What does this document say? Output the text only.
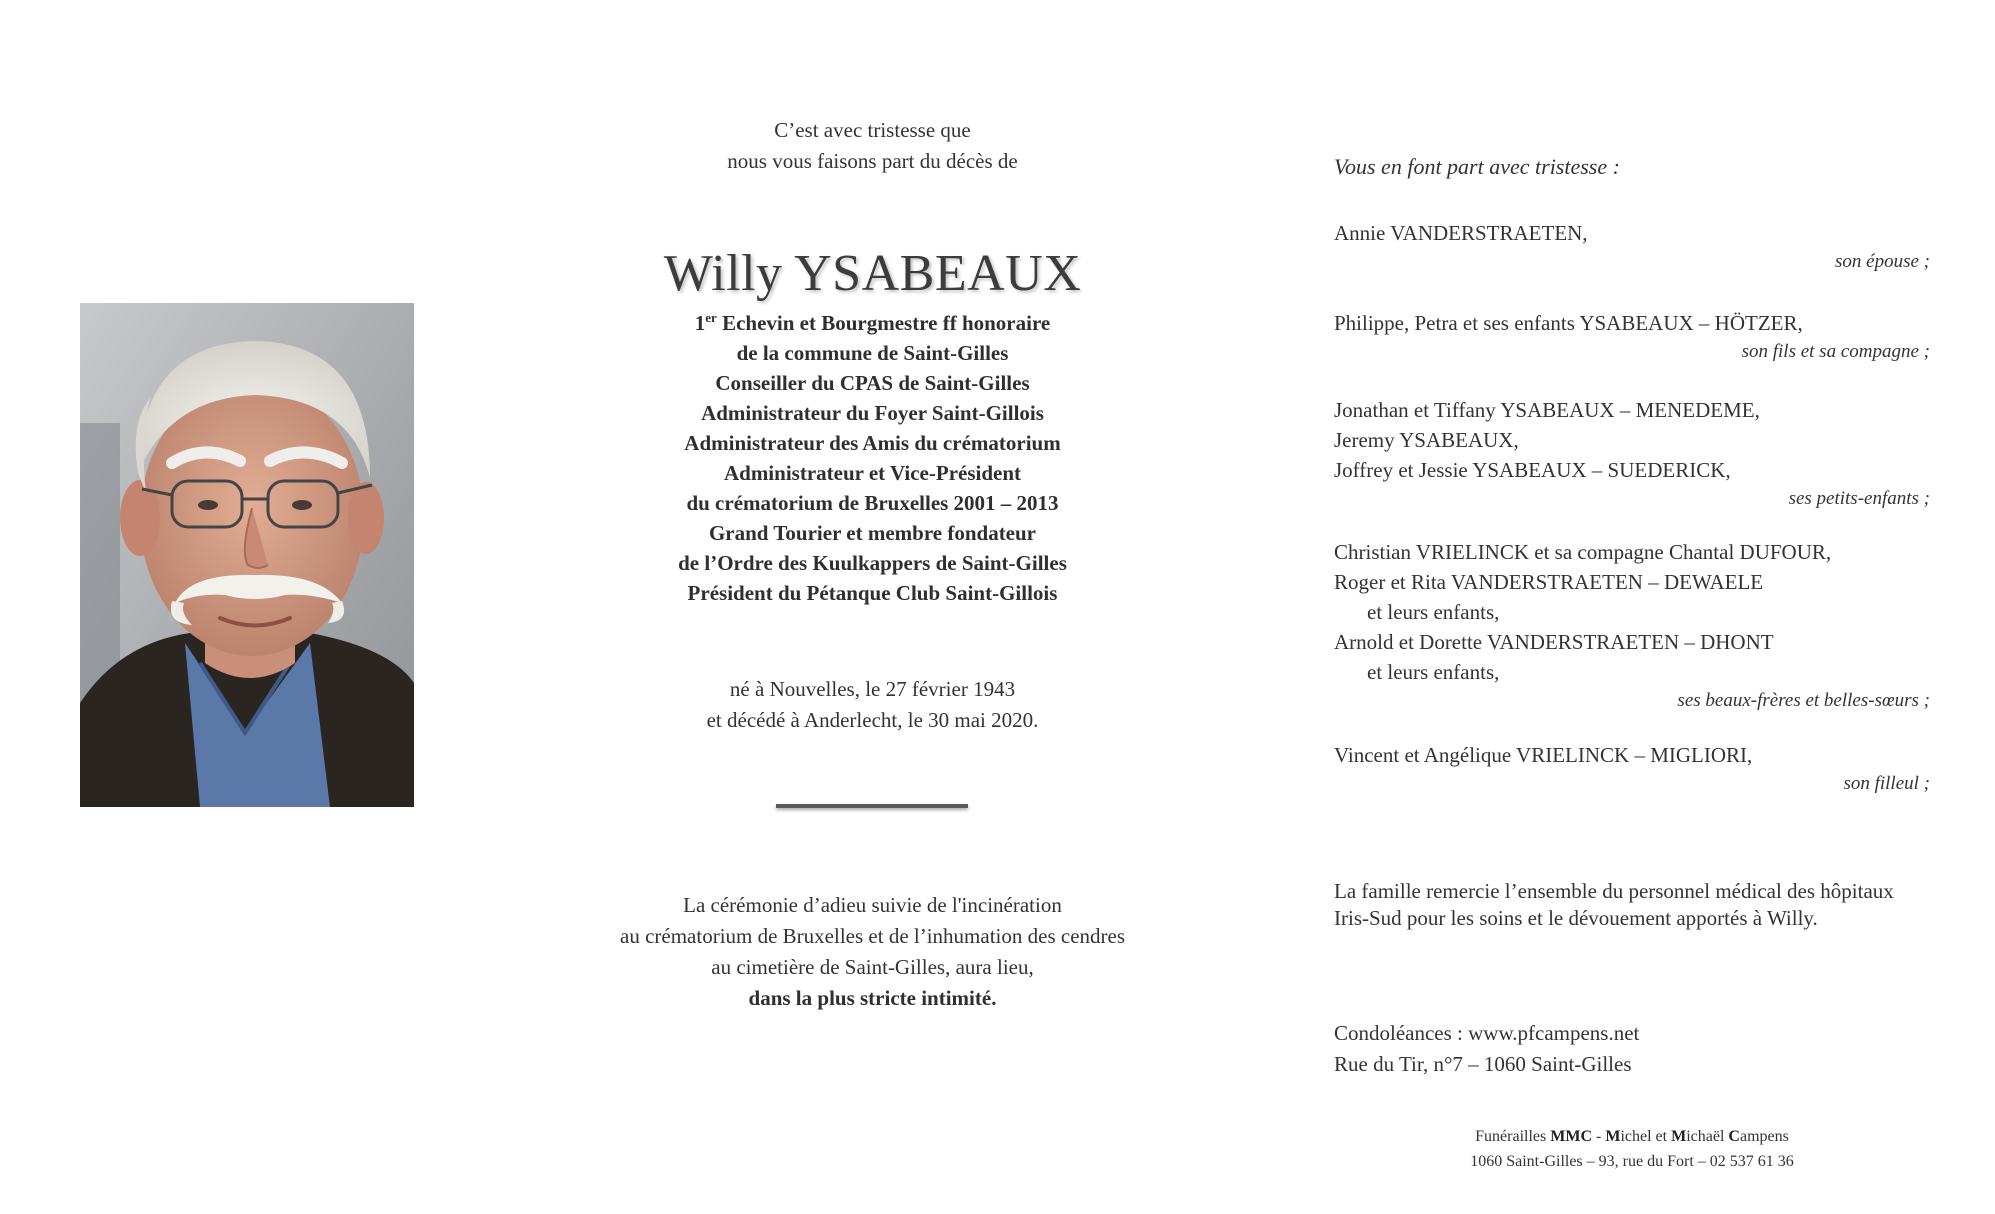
C’est avec tristesse que
nous vous faisons part du décès de
Willy YSABEAUX
1er Echevin et Bourgmestre ff honoraire
de la commune de Saint-Gilles
Conseiller du CPAS de Saint-Gilles
Administrateur du Foyer Saint-Gillois
Administrateur des Amis du crématorium
Administrateur et Vice-Président
du crématorium de Bruxelles 2001 – 2013
Grand Tourier et membre fondateur
de l’Ordre des Kuulkappers de Saint-Gilles
Président du Pétanque Club Saint-Gillois
né à Nouvelles, le 27 février 1943
et décédé à Anderlecht, le 30 mai 2020.
La cérémonie d’adieu suivie de l'incinération
au crématorium de Bruxelles et de l’inhumation des cendres
au cimetière de Saint-Gilles, aura lieu,
dans la plus stricte intimité.
Vous en font part avec tristesse :
Annie VANDERSTRAETEN,
son épouse ;
Philippe, Petra et ses enfants YSABEAUX – HÖTZER,
son fils et sa compagne ;
Jonathan et Tiffany YSABEAUX – MENEDEME,
Jeremy YSABEAUX,
Joffrey et Jessie YSABEAUX – SUEDERICK,
ses petits-enfants ;
Christian VRIELINCK et sa compagne Chantal DUFOUR,
Roger et Rita VANDERSTRAETEN – DEWAELE
et leurs enfants,
Arnold et Dorette VANDERSTRAETEN – DHONT
et leurs enfants,
ses beaux-frères et belles-sœurs ;
Vincent et Angélique VRIELINCK – MIGLIORI,
son filleul ;
La famille remercie l’ensemble du personnel médical des hôpitaux
Iris-Sud pour les soins et le dévouement apportés à Willy.
Condoléances : www.pfcampens.net
Rue du Tir, n°7 – 1060 Saint-Gilles
Funérailles MMC - Michel et Michaël Campens
1060 Saint-Gilles – 93, rue du Fort – 02 537 61 36
